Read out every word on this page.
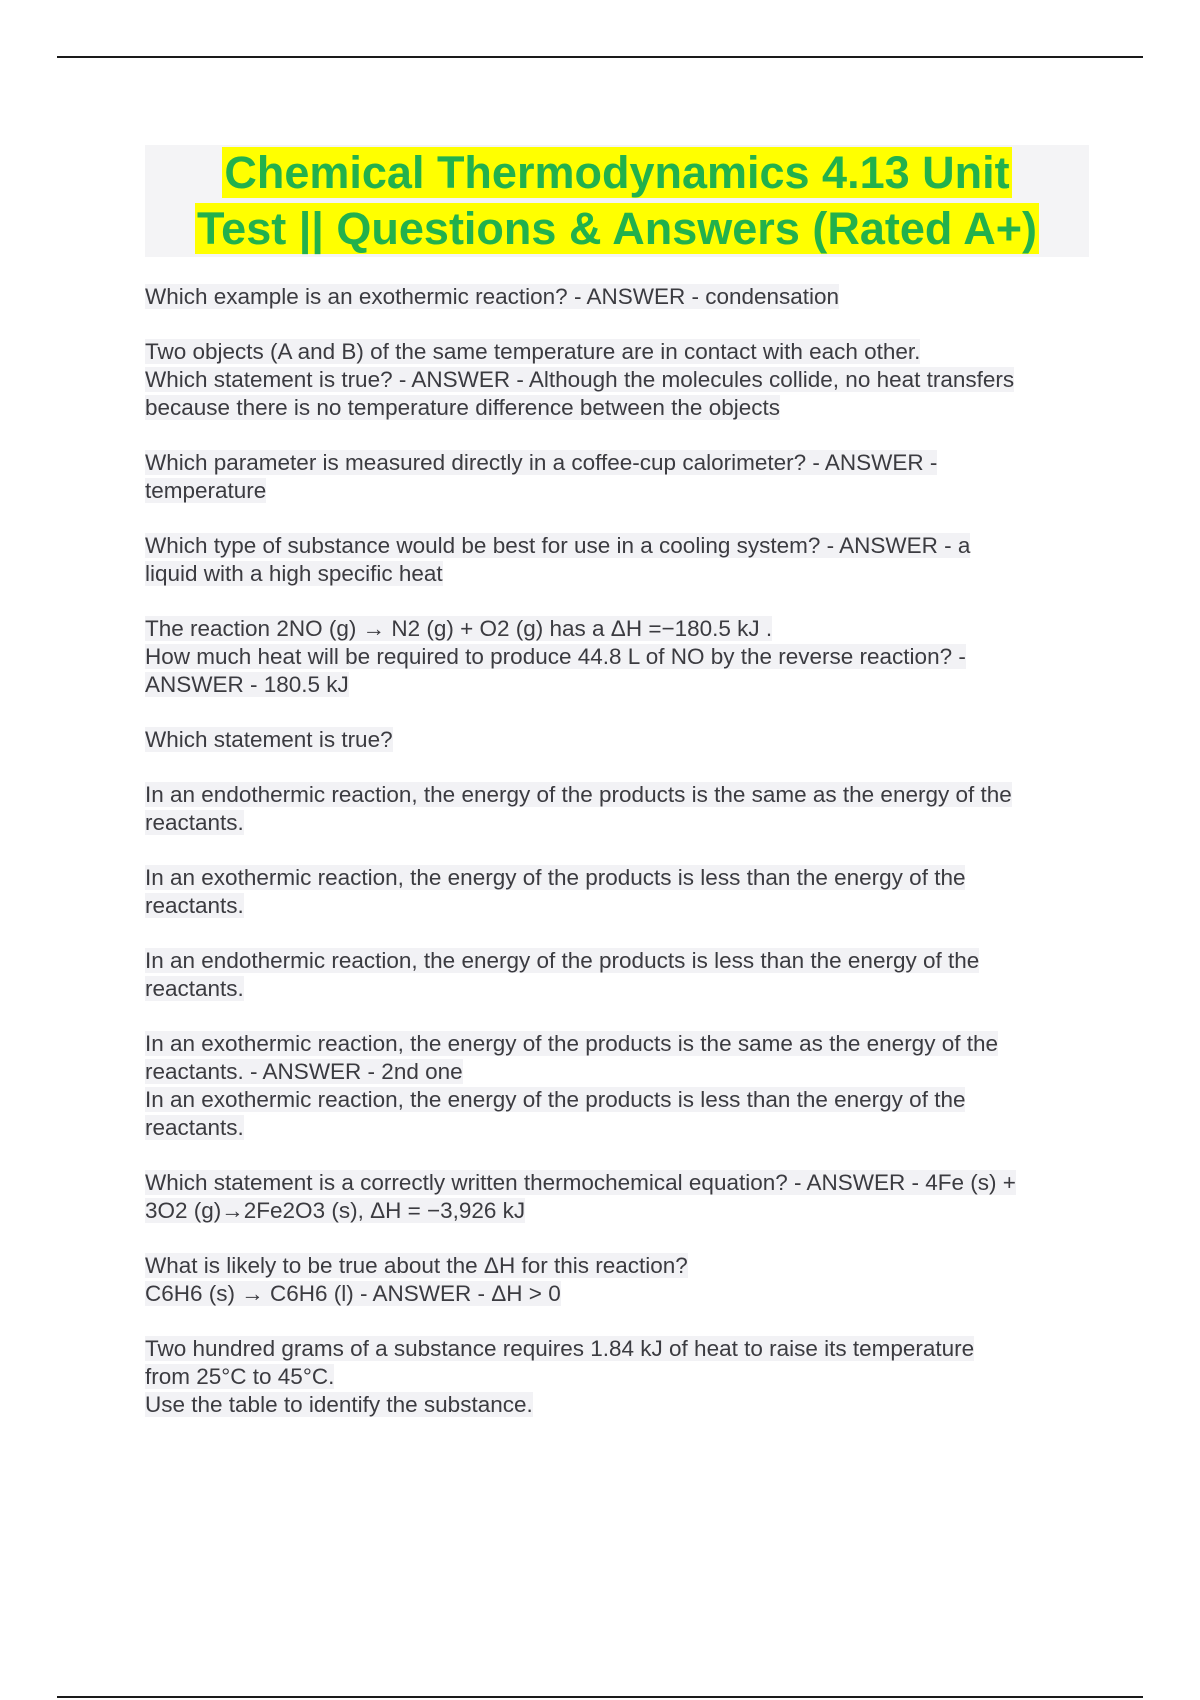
Chemical Thermodynamics 4.13 Unit
Test || Questions & Answers (Rated A+)
Which example is an exothermic reaction? - ANSWER - condensation
Two objects (A and B) of the same temperature are in contact with each other.
Which statement is true? - ANSWER - Although the molecules collide, no heat transfers
because there is no temperature difference between the objects
Which parameter is measured directly in a coffee-cup calorimeter? - ANSWER -
temperature
Which type of substance would be best for use in a cooling system? - ANSWER - a
liquid with a high specific heat
The reaction 2NO (g) → N2 (g) + O2 (g) has a ΔH =−180.5 kJ .
How much heat will be required to produce 44.8 L of NO by the reverse reaction? -
ANSWER - 180.5 kJ
Which statement is true?
In an endothermic reaction, the energy of the products is the same as the energy of the
reactants.
In an exothermic reaction, the energy of the products is less than the energy of the
reactants.
In an endothermic reaction, the energy of the products is less than the energy of the
reactants.
In an exothermic reaction, the energy of the products is the same as the energy of the
reactants. - ANSWER - 2nd one
In an exothermic reaction, the energy of the products is less than the energy of the
reactants.
Which statement is a correctly written thermochemical equation? - ANSWER - 4Fe (s) +
3O2 (g)→2Fe2O3 (s), ΔH = −3,926 kJ
What is likely to be true about the ΔH for this reaction?
C6H6 (s) → C6H6 (l) - ANSWER - ΔH > 0
Two hundred grams of a substance requires 1.84 kJ of heat to raise its temperature
from 25°C to 45°C.
Use the table to identify the substance.
